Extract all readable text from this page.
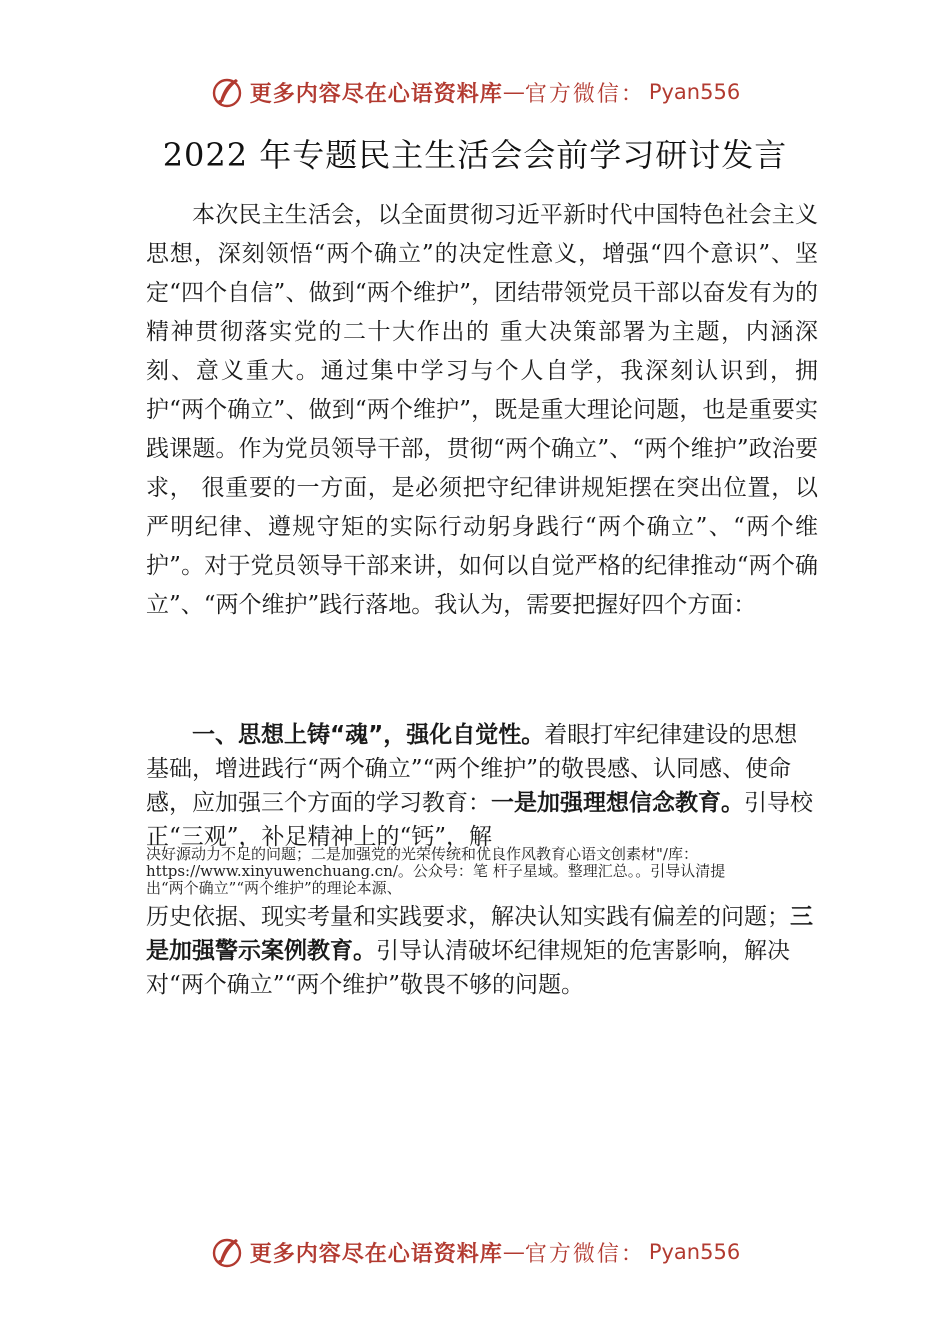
更多内容尽在心语资料库 — 官方微信： Pyan556
2022 年专题民主生活会会前学习研讨发言

本次民主生活会，以全面贯彻习近平新时代中国特色社会主义思想，深刻领悟“两个确立”的决定性意义，增强“四个意识”、坚定“四个自信”、做到“两个维护”，团结带领党员干部以奋发有为的精神贯彻落实党的二十大作出的 重大决策部署为主题，内涵深刻、意义重大。通过集中学习与个人自学，我深刻认识到，拥护“两个确立”、做到“两个维护”，既是重大理论问题，也是重要实践课题。作为党员领导干部，贯彻“两个确立”、“两个维护”政治要求， 很重要的一方面，是必须把守纪律讲规矩摆在突出位置，以严明纪律、遵规守矩的实际行动躬身践行“两个确立”、“两个维护”。对于党员领导干部来讲，如何以自觉严格的纪律推动“两个确立”、“两个维护”践行落地。我认为，需要把握好四个方面：

一、思想上铸“魂”，强化自觉性。着眼打牢纪律建设的思想基础，增进践行“两个确立”“两个维护”的敬畏感、认同感、使命感，应加强三个方面的学习教育：一是加强理想信念教育。引导校正“三观”，补足精神上的“钙”，解

决好源动力不足的问题；二是加强党的光荣传统和优良作风教育心语文创素材"/库：
https://www.xinyuwenchuang.cn/。公众号：笔 杆子星域。整理汇总。。引导认清提
出“两个确立”“两个维护”的理论本源、

历史依据、现实考量和实践要求，解决认知实践有偏差的问题；三是加强警示案例教育。引导认清破坏纪律规矩的危害影响，解决对“两个确立”“两个维护”敬畏不够的问题。

更多内容尽在心语资料库 — 官方微信： Pyan556
